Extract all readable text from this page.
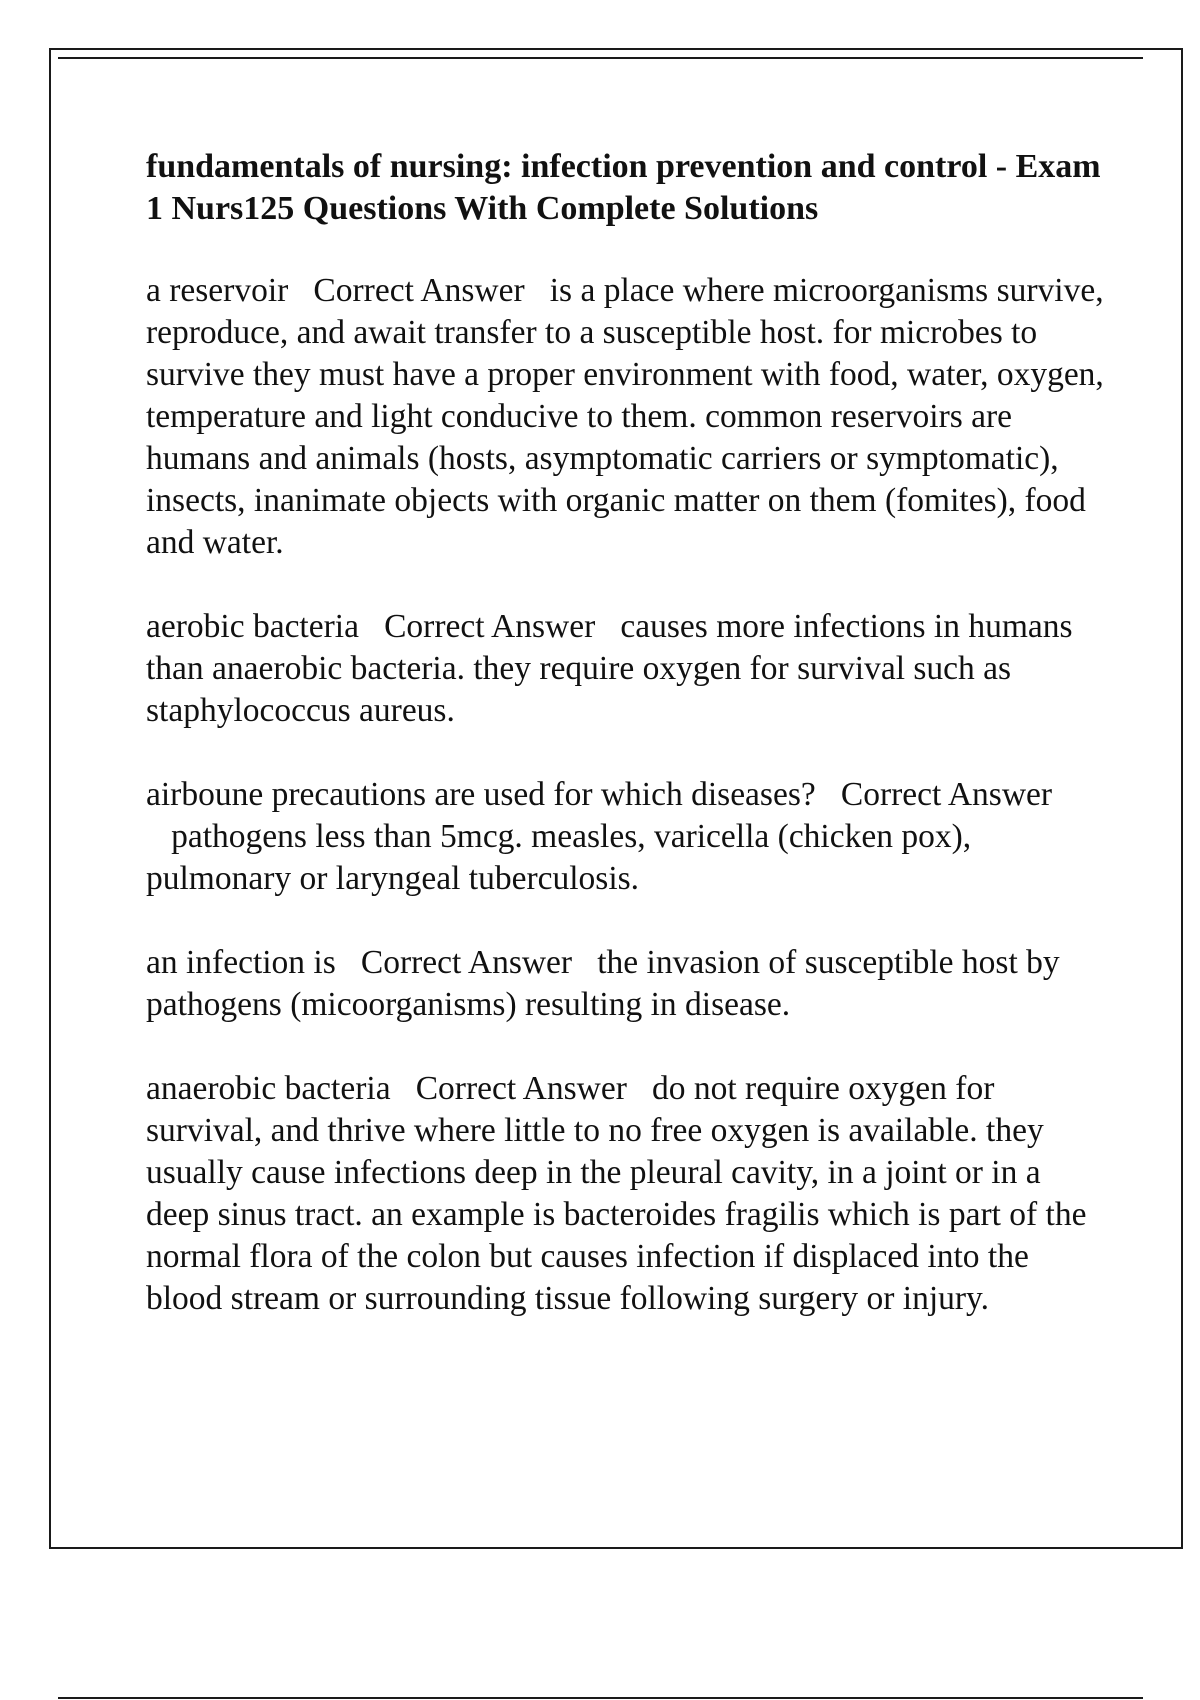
fundamentals of nursing: infection prevention and control - Exam 1 Nurs125 Questions With Complete Solutions

a reservoir Correct Answer is a place where microorganisms survive, reproduce, and await transfer to a susceptible host. for microbes to survive they must have a proper environment with food, water, oxygen, temperature and light conducive to them. common reservoirs are humans and animals (hosts, asymptomatic carriers or symptomatic), insects, inanimate objects with organic matter on them (fomites), food and water.

aerobic bacteria Correct Answer causes more infections in humans than anaerobic bacteria. they require oxygen for survival such as staphylococcus aureus.

airboune precautions are used for which diseases? Correct Answer   pathogens less than 5mcg. measles, varicella (chicken pox), pulmonary or laryngeal tuberculosis.

an infection is Correct Answer the invasion of susceptible host by pathogens (micoorganisms) resulting in disease.

anaerobic bacteria Correct Answer do not require oxygen for survival, and thrive where little to no free oxygen is available. they usually cause infections deep in the pleural cavity, in a joint or in a deep sinus tract. an example is bacteroides fragilis which is part of the normal flora of the colon but causes infection if displaced into the blood stream or surrounding tissue following surgery or injury.
